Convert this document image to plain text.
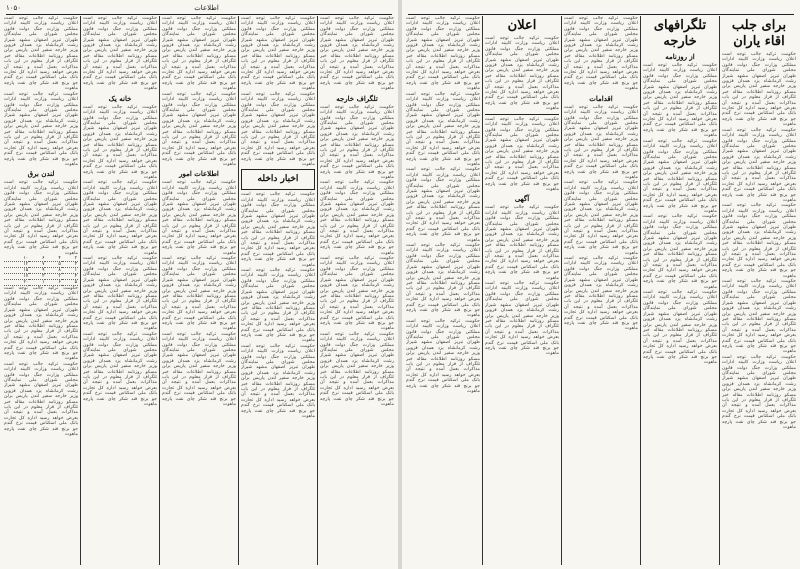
۱۰۵۰	اطلاعات
حکومت ترکیه جالب توجه است اعلان ریاست وزارت کابینه ادارات مملکتی وزارت جنگ دولت قانون مجلس شورای ملی نمایندگان طهران تبریز اصفهان مشهد شیراز رشت کرمانشاه یزد همدان قزوین وزیر خارجه سفیر لندن پاریس برلن مسکو روزنامه اطلاعات مقاله خبر تلگراف از قرار معلوم در این باب مذاکرات بعمل آمده و نتیجه آن بعرض خواهد رسید اداره کل تجارت بانک ملی اسکناس قیمت نرخ گندم جو برنج قند شکر چای نفت پارچه ماهوت
حکومت ترکیه جالب توجه است اعلان ریاست وزارت کابینه ادارات مملکتی وزارت جنگ دولت قانون مجلس شورای ملی نمایندگان طهران تبریز اصفهان مشهد شیراز رشت کرمانشاه یزد همدان قزوین وزیر خارجه سفیر لندن پاریس برلن مسکو روزنامه اطلاعات مقاله خبر تلگراف از قرار معلوم در این باب مذاکرات بعمل آمده و نتیجه آن بعرض خواهد رسید اداره کل تجارت بانک ملی اسکناس قیمت نرخ گندم جو برنج قند شکر چای نفت پارچه ماهوت
لندن برق
حکومت ترکیه جالب توجه است اعلان ریاست وزارت کابینه ادارات مملکتی وزارت جنگ دولت قانون مجلس شورای ملی نمایندگان طهران تبریز اصفهان مشهد شیراز رشت کرمانشاه یزد همدان قزوین وزیر خارجه سفیر لندن پاریس برلن مسکو روزنامه اطلاعات مقاله خبر تلگراف از قرار معلوم در این باب مذاکرات بعمل آمده و نتیجه آن بعرض خواهد رسید اداره کل تجارت بانک ملی اسکناس قیمت نرخ گندم جو برنج قند شکر چای نفت پارچه ماهوت
۲	۴	۶	۱۰
۳	۵	۷	۱۲
۱	۸	۹	۱۵
۴	۲	۳	۱۷
۵	۶	۱	۲۰
حکومت ترکیه جالب توجه است اعلان ریاست وزارت کابینه ادارات مملکتی وزارت جنگ دولت قانون مجلس شورای ملی نمایندگان طهران تبریز اصفهان مشهد شیراز رشت کرمانشاه یزد همدان قزوین وزیر خارجه سفیر لندن پاریس برلن مسکو روزنامه اطلاعات مقاله خبر تلگراف از قرار معلوم در این باب مذاکرات بعمل آمده و نتیجه آن بعرض خواهد رسید اداره کل تجارت بانک ملی اسکناس قیمت نرخ گندم جو برنج قند شکر چای نفت پارچه ماهوت
حکومت ترکیه جالب توجه است اعلان ریاست وزارت کابینه ادارات مملکتی وزارت جنگ دولت قانون مجلس شورای ملی نمایندگان طهران تبریز اصفهان مشهد شیراز رشت کرمانشاه یزد همدان قزوین وزیر خارجه سفیر لندن پاریس برلن مسکو روزنامه اطلاعات مقاله خبر تلگراف از قرار معلوم در این باب مذاکرات بعمل آمده و نتیجه آن بعرض خواهد رسید اداره کل تجارت بانک ملی اسکناس قیمت نرخ گندم جو برنج قند شکر چای نفت پارچه ماهوت
حکومت ترکیه جالب توجه است اعلان ریاست وزارت کابینه ادارات مملکتی وزارت جنگ دولت قانون مجلس شورای ملی نمایندگان طهران تبریز اصفهان مشهد شیراز رشت کرمانشاه یزد همدان قزوین وزیر خارجه سفیر لندن پاریس برلن مسکو روزنامه اطلاعات مقاله خبر تلگراف از قرار معلوم در این باب مذاکرات بعمل آمده و نتیجه آن بعرض خواهد رسید اداره کل تجارت بانک ملی اسکناس قیمت نرخ گندم جو برنج قند شکر چای نفت پارچه ماهوت
خانه یک
حکومت ترکیه جالب توجه است اعلان ریاست وزارت کابینه ادارات مملکتی وزارت جنگ دولت قانون مجلس شورای ملی نمایندگان طهران تبریز اصفهان مشهد شیراز رشت کرمانشاه یزد همدان قزوین وزیر خارجه سفیر لندن پاریس برلن مسکو روزنامه اطلاعات مقاله خبر تلگراف از قرار معلوم در این باب مذاکرات بعمل آمده و نتیجه آن بعرض خواهد رسید اداره کل تجارت بانک ملی اسکناس قیمت نرخ گندم جو برنج قند شکر چای نفت پارچه ماهوت
حکومت ترکیه جالب توجه است اعلان ریاست وزارت کابینه ادارات مملکتی وزارت جنگ دولت قانون مجلس شورای ملی نمایندگان طهران تبریز اصفهان مشهد شیراز رشت کرمانشاه یزد همدان قزوین وزیر خارجه سفیر لندن پاریس برلن مسکو روزنامه اطلاعات مقاله خبر تلگراف از قرار معلوم در این باب مذاکرات بعمل آمده و نتیجه آن بعرض خواهد رسید اداره کل تجارت بانک ملی اسکناس قیمت نرخ گندم جو برنج قند شکر چای نفت پارچه ماهوت
حکومت ترکیه جالب توجه است اعلان ریاست وزارت کابینه ادارات مملکتی وزارت جنگ دولت قانون مجلس شورای ملی نمایندگان طهران تبریز اصفهان مشهد شیراز رشت کرمانشاه یزد همدان قزوین وزیر خارجه سفیر لندن پاریس برلن مسکو روزنامه اطلاعات مقاله خبر تلگراف از قرار معلوم در این باب مذاکرات بعمل آمده و نتیجه آن بعرض خواهد رسید اداره کل تجارت بانک ملی اسکناس قیمت نرخ گندم جو برنج قند شکر چای نفت پارچه ماهوت
حکومت ترکیه جالب توجه است اعلان ریاست وزارت کابینه ادارات مملکتی وزارت جنگ دولت قانون مجلس شورای ملی نمایندگان طهران تبریز اصفهان مشهد شیراز رشت کرمانشاه یزد همدان قزوین وزیر خارجه سفیر لندن پاریس برلن مسکو روزنامه اطلاعات مقاله خبر تلگراف از قرار معلوم در این باب مذاکرات بعمل آمده و نتیجه آن بعرض خواهد رسید اداره کل تجارت بانک ملی اسکناس قیمت نرخ گندم جو برنج قند شکر چای نفت پارچه ماهوت
حکومت ترکیه جالب توجه است اعلان ریاست وزارت کابینه ادارات مملکتی وزارت جنگ دولت قانون مجلس شورای ملی نمایندگان طهران تبریز اصفهان مشهد شیراز رشت کرمانشاه یزد همدان قزوین وزیر خارجه سفیر لندن پاریس برلن مسکو روزنامه اطلاعات مقاله خبر تلگراف از قرار معلوم در این باب مذاکرات بعمل آمده و نتیجه آن بعرض خواهد رسید اداره کل تجارت بانک ملی اسکناس قیمت نرخ گندم جو برنج قند شکر چای نفت پارچه ماهوت
حکومت ترکیه جالب توجه است اعلان ریاست وزارت کابینه ادارات مملکتی وزارت جنگ دولت قانون مجلس شورای ملی نمایندگان طهران تبریز اصفهان مشهد شیراز رشت کرمانشاه یزد همدان قزوین وزیر خارجه سفیر لندن پاریس برلن مسکو روزنامه اطلاعات مقاله خبر تلگراف از قرار معلوم در این باب مذاکرات بعمل آمده و نتیجه آن بعرض خواهد رسید اداره کل تجارت بانک ملی اسکناس قیمت نرخ گندم جو برنج قند شکر چای نفت پارچه ماهوت
اطلاعات امور
حکومت ترکیه جالب توجه است اعلان ریاست وزارت کابینه ادارات مملکتی وزارت جنگ دولت قانون مجلس شورای ملی نمایندگان طهران تبریز اصفهان مشهد شیراز رشت کرمانشاه یزد همدان قزوین وزیر خارجه سفیر لندن پاریس برلن مسکو روزنامه اطلاعات مقاله خبر تلگراف از قرار معلوم در این باب مذاکرات بعمل آمده و نتیجه آن بعرض خواهد رسید اداره کل تجارت بانک ملی اسکناس قیمت نرخ گندم جو برنج قند شکر چای نفت پارچه ماهوت
حکومت ترکیه جالب توجه است اعلان ریاست وزارت کابینه ادارات مملکتی وزارت جنگ دولت قانون مجلس شورای ملی نمایندگان طهران تبریز اصفهان مشهد شیراز رشت کرمانشاه یزد همدان قزوین وزیر خارجه سفیر لندن پاریس برلن مسکو روزنامه اطلاعات مقاله خبر تلگراف از قرار معلوم در این باب مذاکرات بعمل آمده و نتیجه آن بعرض خواهد رسید اداره کل تجارت بانک ملی اسکناس قیمت نرخ گندم جو برنج قند شکر چای نفت پارچه ماهوت
حکومت ترکیه جالب توجه است اعلان ریاست وزارت کابینه ادارات مملکتی وزارت جنگ دولت قانون مجلس شورای ملی نمایندگان طهران تبریز اصفهان مشهد شیراز رشت کرمانشاه یزد همدان قزوین وزیر خارجه سفیر لندن پاریس برلن مسکو روزنامه اطلاعات مقاله خبر تلگراف از قرار معلوم در این باب مذاکرات بعمل آمده و نتیجه آن بعرض خواهد رسید اداره کل تجارت بانک ملی اسکناس قیمت نرخ گندم جو برنج قند شکر چای نفت پارچه ماهوت
حکومت ترکیه جالب توجه است اعلان ریاست وزارت کابینه ادارات مملکتی وزارت جنگ دولت قانون مجلس شورای ملی نمایندگان طهران تبریز اصفهان مشهد شیراز رشت کرمانشاه یزد همدان قزوین وزیر خارجه سفیر لندن پاریس برلن مسکو روزنامه اطلاعات مقاله خبر تلگراف از قرار معلوم در این باب مذاکرات بعمل آمده و نتیجه آن بعرض خواهد رسید اداره کل تجارت بانک ملی اسکناس قیمت نرخ گندم جو برنج قند شکر چای نفت پارچه ماهوت
حکومت ترکیه جالب توجه است اعلان ریاست وزارت کابینه ادارات مملکتی وزارت جنگ دولت قانون مجلس شورای ملی نمایندگان طهران تبریز اصفهان مشهد شیراز رشت کرمانشاه یزد همدان قزوین وزیر خارجه سفیر لندن پاریس برلن مسکو روزنامه اطلاعات مقاله خبر تلگراف از قرار معلوم در این باب مذاکرات بعمل آمده و نتیجه آن بعرض خواهد رسید اداره کل تجارت بانک ملی اسکناس قیمت نرخ گندم جو برنج قند شکر چای نفت پارچه ماهوت
اخبار داخله
حکومت ترکیه جالب توجه است اعلان ریاست وزارت کابینه ادارات مملکتی وزارت جنگ دولت قانون مجلس شورای ملی نمایندگان طهران تبریز اصفهان مشهد شیراز رشت کرمانشاه یزد همدان قزوین وزیر خارجه سفیر لندن پاریس برلن مسکو روزنامه اطلاعات مقاله خبر تلگراف از قرار معلوم در این باب مذاکرات بعمل آمده و نتیجه آن بعرض خواهد رسید اداره کل تجارت بانک ملی اسکناس قیمت نرخ گندم جو برنج قند شکر چای نفت پارچه ماهوت
حکومت ترکیه جالب توجه است اعلان ریاست وزارت کابینه ادارات مملکتی وزارت جنگ دولت قانون مجلس شورای ملی نمایندگان طهران تبریز اصفهان مشهد شیراز رشت کرمانشاه یزد همدان قزوین وزیر خارجه سفیر لندن پاریس برلن مسکو روزنامه اطلاعات مقاله خبر تلگراف از قرار معلوم در این باب مذاکرات بعمل آمده و نتیجه آن بعرض خواهد رسید اداره کل تجارت بانک ملی اسکناس قیمت نرخ گندم جو برنج قند شکر چای نفت پارچه ماهوت
حکومت ترکیه جالب توجه است اعلان ریاست وزارت کابینه ادارات مملکتی وزارت جنگ دولت قانون مجلس شورای ملی نمایندگان طهران تبریز اصفهان مشهد شیراز رشت کرمانشاه یزد همدان قزوین وزیر خارجه سفیر لندن پاریس برلن مسکو روزنامه اطلاعات مقاله خبر تلگراف از قرار معلوم در این باب مذاکرات بعمل آمده و نتیجه آن بعرض خواهد رسید اداره کل تجارت بانک ملی اسکناس قیمت نرخ گندم جو برنج قند شکر چای نفت پارچه ماهوت
حکومت ترکیه جالب توجه است اعلان ریاست وزارت کابینه ادارات مملکتی وزارت جنگ دولت قانون مجلس شورای ملی نمایندگان طهران تبریز اصفهان مشهد شیراز رشت کرمانشاه یزد همدان قزوین وزیر خارجه سفیر لندن پاریس برلن مسکو روزنامه اطلاعات مقاله خبر تلگراف از قرار معلوم در این باب مذاکرات بعمل آمده و نتیجه آن بعرض خواهد رسید اداره کل تجارت بانک ملی اسکناس قیمت نرخ گندم جو برنج قند شکر چای نفت پارچه ماهوت
تلگراف خارجه
حکومت ترکیه جالب توجه است اعلان ریاست وزارت کابینه ادارات مملکتی وزارت جنگ دولت قانون مجلس شورای ملی نمایندگان طهران تبریز اصفهان مشهد شیراز رشت کرمانشاه یزد همدان قزوین وزیر خارجه سفیر لندن پاریس برلن مسکو روزنامه اطلاعات مقاله خبر تلگراف از قرار معلوم در این باب مذاکرات بعمل آمده و نتیجه آن بعرض خواهد رسید اداره کل تجارت بانک ملی اسکناس قیمت نرخ گندم جو برنج قند شکر چای نفت پارچه ماهوت
حکومت ترکیه جالب توجه است اعلان ریاست وزارت کابینه ادارات مملکتی وزارت جنگ دولت قانون مجلس شورای ملی نمایندگان طهران تبریز اصفهان مشهد شیراز رشت کرمانشاه یزد همدان قزوین وزیر خارجه سفیر لندن پاریس برلن مسکو روزنامه اطلاعات مقاله خبر تلگراف از قرار معلوم در این باب مذاکرات بعمل آمده و نتیجه آن بعرض خواهد رسید اداره کل تجارت بانک ملی اسکناس قیمت نرخ گندم جو برنج قند شکر چای نفت پارچه ماهوت
حکومت ترکیه جالب توجه است اعلان ریاست وزارت کابینه ادارات مملکتی وزارت جنگ دولت قانون مجلس شورای ملی نمایندگان طهران تبریز اصفهان مشهد شیراز رشت کرمانشاه یزد همدان قزوین وزیر خارجه سفیر لندن پاریس برلن مسکو روزنامه اطلاعات مقاله خبر تلگراف از قرار معلوم در این باب مذاکرات بعمل آمده و نتیجه آن بعرض خواهد رسید اداره کل تجارت بانک ملی اسکناس قیمت نرخ گندم جو برنج قند شکر چای نفت پارچه ماهوت
حکومت ترکیه جالب توجه است اعلان ریاست وزارت کابینه ادارات مملکتی وزارت جنگ دولت قانون مجلس شورای ملی نمایندگان طهران تبریز اصفهان مشهد شیراز رشت کرمانشاه یزد همدان قزوین وزیر خارجه سفیر لندن پاریس برلن مسکو روزنامه اطلاعات مقاله خبر تلگراف از قرار معلوم در این باب مذاکرات بعمل آمده و نتیجه آن بعرض خواهد رسید اداره کل تجارت بانک ملی اسکناس قیمت نرخ گندم جو برنج قند شکر چای نفت پارچه ماهوت
حکومت ترکیه جالب توجه است اعلان ریاست وزارت کابینه ادارات مملکتی وزارت جنگ دولت قانون مجلس شورای ملی نمایندگان طهران تبریز اصفهان مشهد شیراز رشت کرمانشاه یزد همدان قزوین وزیر خارجه سفیر لندن پاریس برلن مسکو روزنامه اطلاعات مقاله خبر تلگراف از قرار معلوم در این باب مذاکرات بعمل آمده و نتیجه آن بعرض خواهد رسید اداره کل تجارت بانک ملی اسکناس قیمت نرخ گندم جو برنج قند شکر چای نفت پارچه ماهوت
حکومت ترکیه جالب توجه است اعلان ریاست وزارت کابینه ادارات مملکتی وزارت جنگ دولت قانون مجلس شورای ملی نمایندگان طهران تبریز اصفهان مشهد شیراز رشت کرمانشاه یزد همدان قزوین وزیر خارجه سفیر لندن پاریس برلن مسکو روزنامه اطلاعات مقاله خبر تلگراف از قرار معلوم در این باب مذاکرات بعمل آمده و نتیجه آن بعرض خواهد رسید اداره کل تجارت بانک ملی اسکناس قیمت نرخ گندم جو برنج قند شکر چای نفت پارچه ماهوت
حکومت ترکیه جالب توجه است اعلان ریاست وزارت کابینه ادارات مملکتی وزارت جنگ دولت قانون مجلس شورای ملی نمایندگان طهران تبریز اصفهان مشهد شیراز رشت کرمانشاه یزد همدان قزوین وزیر خارجه سفیر لندن پاریس برلن مسکو روزنامه اطلاعات مقاله خبر تلگراف از قرار معلوم در این باب مذاکرات بعمل آمده و نتیجه آن بعرض خواهد رسید اداره کل تجارت بانک ملی اسکناس قیمت نرخ گندم جو برنج قند شکر چای نفت پارچه ماهوت
حکومت ترکیه جالب توجه است اعلان ریاست وزارت کابینه ادارات مملکتی وزارت جنگ دولت قانون مجلس شورای ملی نمایندگان طهران تبریز اصفهان مشهد شیراز رشت کرمانشاه یزد همدان قزوین وزیر خارجه سفیر لندن پاریس برلن مسکو روزنامه اطلاعات مقاله خبر تلگراف از قرار معلوم در این باب مذاکرات بعمل آمده و نتیجه آن بعرض خواهد رسید اداره کل تجارت بانک ملی اسکناس قیمت نرخ گندم جو برنج قند شکر چای نفت پارچه ماهوت
حکومت ترکیه جالب توجه است اعلان ریاست وزارت کابینه ادارات مملکتی وزارت جنگ دولت قانون مجلس شورای ملی نمایندگان طهران تبریز اصفهان مشهد شیراز رشت کرمانشاه یزد همدان قزوین وزیر خارجه سفیر لندن پاریس برلن مسکو روزنامه اطلاعات مقاله خبر تلگراف از قرار معلوم در این باب مذاکرات بعمل آمده و نتیجه آن بعرض خواهد رسید اداره کل تجارت بانک ملی اسکناس قیمت نرخ گندم جو برنج قند شکر چای نفت پارچه ماهوت
اعلان
حکومت ترکیه جالب توجه است اعلان ریاست وزارت کابینه ادارات مملکتی وزارت جنگ دولت قانون مجلس شورای ملی نمایندگان طهران تبریز اصفهان مشهد شیراز رشت کرمانشاه یزد همدان قزوین وزیر خارجه سفیر لندن پاریس برلن مسکو روزنامه اطلاعات مقاله خبر تلگراف از قرار معلوم در این باب مذاکرات بعمل آمده و نتیجه آن بعرض خواهد رسید اداره کل تجارت بانک ملی اسکناس قیمت نرخ گندم جو برنج قند شکر چای نفت پارچه ماهوت
حکومت ترکیه جالب توجه است اعلان ریاست وزارت کابینه ادارات مملکتی وزارت جنگ دولت قانون مجلس شورای ملی نمایندگان طهران تبریز اصفهان مشهد شیراز رشت کرمانشاه یزد همدان قزوین وزیر خارجه سفیر لندن پاریس برلن مسکو روزنامه اطلاعات مقاله خبر تلگراف از قرار معلوم در این باب مذاکرات بعمل آمده و نتیجه آن بعرض خواهد رسید اداره کل تجارت بانک ملی اسکناس قیمت نرخ گندم جو برنج قند شکر چای نفت پارچه ماهوت
آگهی
حکومت ترکیه جالب توجه است اعلان ریاست وزارت کابینه ادارات مملکتی وزارت جنگ دولت قانون مجلس شورای ملی نمایندگان طهران تبریز اصفهان مشهد شیراز رشت کرمانشاه یزد همدان قزوین وزیر خارجه سفیر لندن پاریس برلن مسکو روزنامه اطلاعات مقاله خبر تلگراف از قرار معلوم در این باب مذاکرات بعمل آمده و نتیجه آن بعرض خواهد رسید اداره کل تجارت بانک ملی اسکناس قیمت نرخ گندم جو برنج قند شکر چای نفت پارچه ماهوت
حکومت ترکیه جالب توجه است اعلان ریاست وزارت کابینه ادارات مملکتی وزارت جنگ دولت قانون مجلس شورای ملی نمایندگان طهران تبریز اصفهان مشهد شیراز رشت کرمانشاه یزد همدان قزوین وزیر خارجه سفیر لندن پاریس برلن مسکو روزنامه اطلاعات مقاله خبر تلگراف از قرار معلوم در این باب مذاکرات بعمل آمده و نتیجه آن بعرض خواهد رسید اداره کل تجارت بانک ملی اسکناس قیمت نرخ گندم جو برنج قند شکر چای نفت پارچه ماهوت
حکومت ترکیه جالب توجه است اعلان ریاست وزارت کابینه ادارات مملکتی وزارت جنگ دولت قانون مجلس شورای ملی نمایندگان طهران تبریز اصفهان مشهد شیراز رشت کرمانشاه یزد همدان قزوین وزیر خارجه سفیر لندن پاریس برلن مسکو روزنامه اطلاعات مقاله خبر تلگراف از قرار معلوم در این باب مذاکرات بعمل آمده و نتیجه آن بعرض خواهد رسید اداره کل تجارت بانک ملی اسکناس قیمت نرخ گندم جو برنج قند شکر چای نفت پارچه ماهوت
اقدامات
حکومت ترکیه جالب توجه است اعلان ریاست وزارت کابینه ادارات مملکتی وزارت جنگ دولت قانون مجلس شورای ملی نمایندگان طهران تبریز اصفهان مشهد شیراز رشت کرمانشاه یزد همدان قزوین وزیر خارجه سفیر لندن پاریس برلن مسکو روزنامه اطلاعات مقاله خبر تلگراف از قرار معلوم در این باب مذاکرات بعمل آمده و نتیجه آن بعرض خواهد رسید اداره کل تجارت بانک ملی اسکناس قیمت نرخ گندم جو برنج قند شکر چای نفت پارچه ماهوت
حکومت ترکیه جالب توجه است اعلان ریاست وزارت کابینه ادارات مملکتی وزارت جنگ دولت قانون مجلس شورای ملی نمایندگان طهران تبریز اصفهان مشهد شیراز رشت کرمانشاه یزد همدان قزوین وزیر خارجه سفیر لندن پاریس برلن مسکو روزنامه اطلاعات مقاله خبر تلگراف از قرار معلوم در این باب مذاکرات بعمل آمده و نتیجه آن بعرض خواهد رسید اداره کل تجارت بانک ملی اسکناس قیمت نرخ گندم جو برنج قند شکر چای نفت پارچه ماهوت
حکومت ترکیه جالب توجه است اعلان ریاست وزارت کابینه ادارات مملکتی وزارت جنگ دولت قانون مجلس شورای ملی نمایندگان طهران تبریز اصفهان مشهد شیراز رشت کرمانشاه یزد همدان قزوین وزیر خارجه سفیر لندن پاریس برلن مسکو روزنامه اطلاعات مقاله خبر تلگراف از قرار معلوم در این باب مذاکرات بعمل آمده و نتیجه آن بعرض خواهد رسید اداره کل تجارت بانک ملی اسکناس قیمت نرخ گندم جو برنج قند شکر چای نفت پارچه ماهوت
تلگرافهای خارجه
از روزنامه
حکومت ترکیه جالب توجه است اعلان ریاست وزارت کابینه ادارات مملکتی وزارت جنگ دولت قانون مجلس شورای ملی نمایندگان طهران تبریز اصفهان مشهد شیراز رشت کرمانشاه یزد همدان قزوین وزیر خارجه سفیر لندن پاریس برلن مسکو روزنامه اطلاعات مقاله خبر تلگراف از قرار معلوم در این باب مذاکرات بعمل آمده و نتیجه آن بعرض خواهد رسید اداره کل تجارت بانک ملی اسکناس قیمت نرخ گندم جو برنج قند شکر چای نفت پارچه ماهوت
حکومت ترکیه جالب توجه است اعلان ریاست وزارت کابینه ادارات مملکتی وزارت جنگ دولت قانون مجلس شورای ملی نمایندگان طهران تبریز اصفهان مشهد شیراز رشت کرمانشاه یزد همدان قزوین وزیر خارجه سفیر لندن پاریس برلن مسکو روزنامه اطلاعات مقاله خبر تلگراف از قرار معلوم در این باب مذاکرات بعمل آمده و نتیجه آن بعرض خواهد رسید اداره کل تجارت بانک ملی اسکناس قیمت نرخ گندم جو برنج قند شکر چای نفت پارچه ماهوت
حکومت ترکیه جالب توجه است اعلان ریاست وزارت کابینه ادارات مملکتی وزارت جنگ دولت قانون مجلس شورای ملی نمایندگان طهران تبریز اصفهان مشهد شیراز رشت کرمانشاه یزد همدان قزوین وزیر خارجه سفیر لندن پاریس برلن مسکو روزنامه اطلاعات مقاله خبر تلگراف از قرار معلوم در این باب مذاکرات بعمل آمده و نتیجه آن بعرض خواهد رسید اداره کل تجارت بانک ملی اسکناس قیمت نرخ گندم جو برنج قند شکر چای نفت پارچه ماهوت
حکومت ترکیه جالب توجه است اعلان ریاست وزارت کابینه ادارات مملکتی وزارت جنگ دولت قانون مجلس شورای ملی نمایندگان طهران تبریز اصفهان مشهد شیراز رشت کرمانشاه یزد همدان قزوین وزیر خارجه سفیر لندن پاریس برلن مسکو روزنامه اطلاعات مقاله خبر تلگراف از قرار معلوم در این باب مذاکرات بعمل آمده و نتیجه آن بعرض خواهد رسید اداره کل تجارت بانک ملی اسکناس قیمت نرخ گندم جو برنج قند شکر چای نفت پارچه ماهوت
برای جلب اقاء یاران
حکومت ترکیه جالب توجه است اعلان ریاست وزارت کابینه ادارات مملکتی وزارت جنگ دولت قانون مجلس شورای ملی نمایندگان طهران تبریز اصفهان مشهد شیراز رشت کرمانشاه یزد همدان قزوین وزیر خارجه سفیر لندن پاریس برلن مسکو روزنامه اطلاعات مقاله خبر تلگراف از قرار معلوم در این باب مذاکرات بعمل آمده و نتیجه آن بعرض خواهد رسید اداره کل تجارت بانک ملی اسکناس قیمت نرخ گندم جو برنج قند شکر چای نفت پارچه ماهوت
حکومت ترکیه جالب توجه است اعلان ریاست وزارت کابینه ادارات مملکتی وزارت جنگ دولت قانون مجلس شورای ملی نمایندگان طهران تبریز اصفهان مشهد شیراز رشت کرمانشاه یزد همدان قزوین وزیر خارجه سفیر لندن پاریس برلن مسکو روزنامه اطلاعات مقاله خبر تلگراف از قرار معلوم در این باب مذاکرات بعمل آمده و نتیجه آن بعرض خواهد رسید اداره کل تجارت بانک ملی اسکناس قیمت نرخ گندم جو برنج قند شکر چای نفت پارچه ماهوت
حکومت ترکیه جالب توجه است اعلان ریاست وزارت کابینه ادارات مملکتی وزارت جنگ دولت قانون مجلس شورای ملی نمایندگان طهران تبریز اصفهان مشهد شیراز رشت کرمانشاه یزد همدان قزوین وزیر خارجه سفیر لندن پاریس برلن مسکو روزنامه اطلاعات مقاله خبر تلگراف از قرار معلوم در این باب مذاکرات بعمل آمده و نتیجه آن بعرض خواهد رسید اداره کل تجارت بانک ملی اسکناس قیمت نرخ گندم جو برنج قند شکر چای نفت پارچه ماهوت
حکومت ترکیه جالب توجه است اعلان ریاست وزارت کابینه ادارات مملکتی وزارت جنگ دولت قانون مجلس شورای ملی نمایندگان طهران تبریز اصفهان مشهد شیراز رشت کرمانشاه یزد همدان قزوین وزیر خارجه سفیر لندن پاریس برلن مسکو روزنامه اطلاعات مقاله خبر تلگراف از قرار معلوم در این باب مذاکرات بعمل آمده و نتیجه آن بعرض خواهد رسید اداره کل تجارت بانک ملی اسکناس قیمت نرخ گندم جو برنج قند شکر چای نفت پارچه ماهوت
حکومت ترکیه جالب توجه است اعلان ریاست وزارت کابینه ادارات مملکتی وزارت جنگ دولت قانون مجلس شورای ملی نمایندگان طهران تبریز اصفهان مشهد شیراز رشت کرمانشاه یزد همدان قزوین وزیر خارجه سفیر لندن پاریس برلن مسکو روزنامه اطلاعات مقاله خبر تلگراف از قرار معلوم در این باب مذاکرات بعمل آمده و نتیجه آن بعرض خواهد رسید اداره کل تجارت بانک ملی اسکناس قیمت نرخ گندم جو برنج قند شکر چای نفت پارچه ماهوت
